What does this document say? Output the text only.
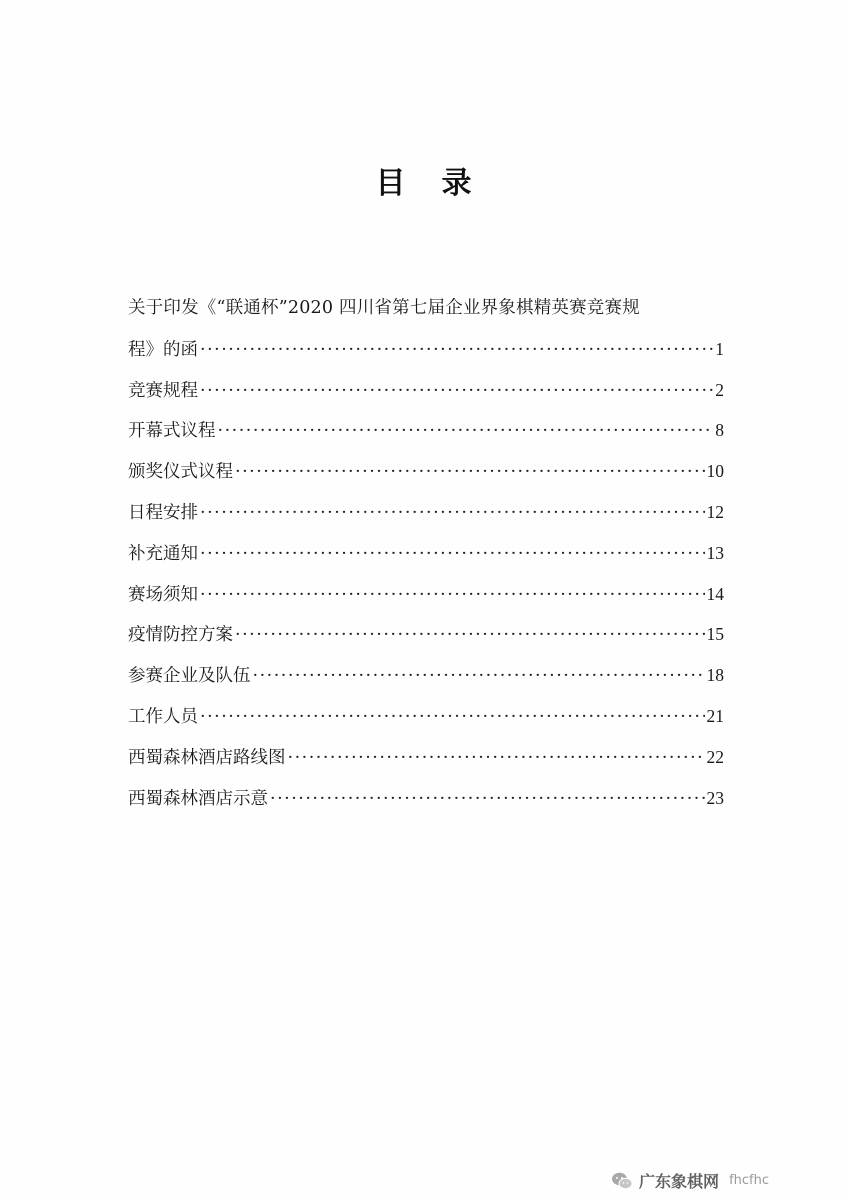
目 录
关于印发《“联通杯”2020 四川省第七届企业界象棋精英赛竞赛规
程》的函 ·····	1
竞赛规程 ·····	2
开幕式议程 ·····	8
颁奖仪式议程 ·····	10
日程安排 ·····	12
补充通知 ·····	13
赛场须知 ·····	14
疫情防控方案 ·····	15
参赛企业及队伍 ·····	18
工作人员 ·····	21
西蜀森林酒店路线图 ·····	22
西蜀森林酒店示意 ·····	23
广东象棋网 fhcfhc
